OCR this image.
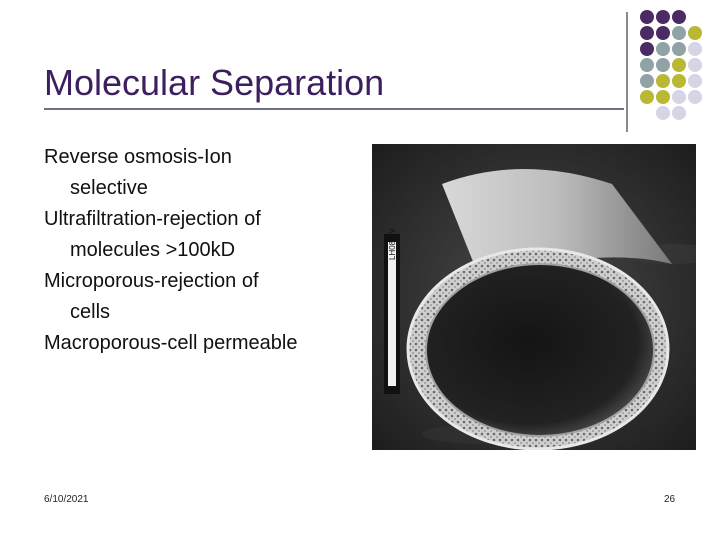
Molecular Separation

Reverse osmosis-Ion
selective

Ultrafiltration-rejection of
molecules >100kD

Microporous-rejection of
cells

Macroporous-cell permeable

LH08 KV
6/10/2021	26
